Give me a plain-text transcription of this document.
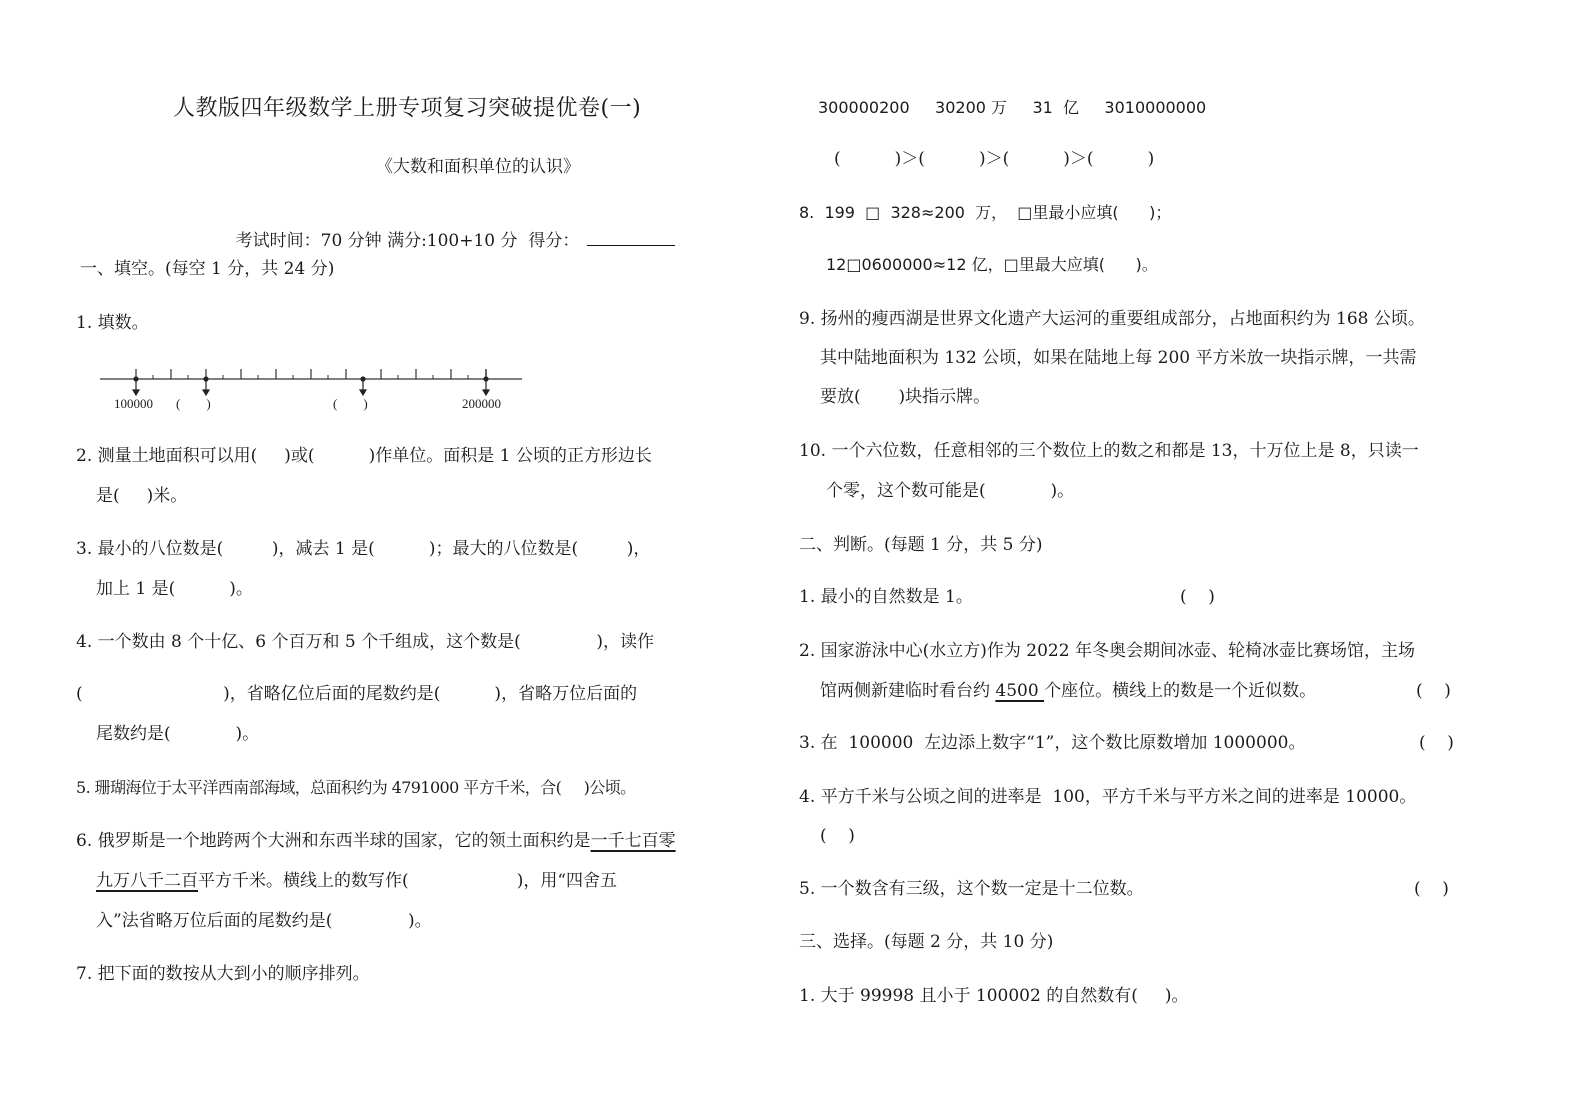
人教版四年级数学上册专项复习突破提优卷(一)
《大数和面积单位的认识》

考试时间：70 分钟 满分:100+10 分  得分：

一、填空。(每空 1 分，共 24 分)
1. 填数。
100000 (        )	(        )	200000
2. 测量土地面积可以用(     )或(          )作单位。面积是 1 公顷的正方形边长
是(     )米。
3. 最小的八位数是(         )，减去 1 是(          )；最大的八位数是(         )，
加上 1 是(          )。
4. 一个数由 8 个十亿、6 个百万和 5 个千组成，这个数是(              )，读作
(                          )，省略亿位后面的尾数约是(          )，省略万位后面的
尾数约是(            )。
5. 珊瑚海位于太平洋西南部海域，总面积约为 4791000 平方千米，合(     )公顷。
6. 俄罗斯是一个地跨两个大洲和东西半球的国家，它的领土面积约是一千七百零
九万八千二百平方千米。横线上的数写作(                    )，用“四舍五
入”法省略万位后面的尾数约是(              )。
7. 把下面的数按从大到小的顺序排列。
300000200     30200 万     31  亿     3010000000
(          )＞(          )＞(          )＞(          )
8.  199  □  328≈200  万，  □里最小应填(      )；
12□0600000≈12 亿，□里最大应填(      )。
9. 扬州的瘦西湖是世界文化遗产大运河的重要组成部分，占地面积约为 168 公顷。
其中陆地面积为 132 公顷，如果在陆地上每 200 平方米放一块指示牌，一共需
要放(       )块指示牌。
10. 一个六位数，任意相邻的三个数位上的数之和都是 13，十万位上是 8，只读一
个零，这个数可能是(            )。
二、判断。(每题 1 分，共 5 分)
1. 最小的自然数是 1。	(    )
2. 国家游泳中心(水立方)作为 2022 年冬奥会期间冰壶、轮椅冰壶比赛场馆，主场
馆两侧新建临时看台约 4500 个座位。横线上的数是一个近似数。	(    )
3. 在  100000  左边添上数字“1”，这个数比原数增加 1000000。	(    )
4. 平方千米与公顷之间的进率是  100，平方千米与平方米之间的进率是 10000。
(    )
5. 一个数含有三级，这个数一定是十二位数。	(    )
三、选择。(每题 2 分，共 10 分)
1. 大于 99998 且小于 100002 的自然数有(     )。
